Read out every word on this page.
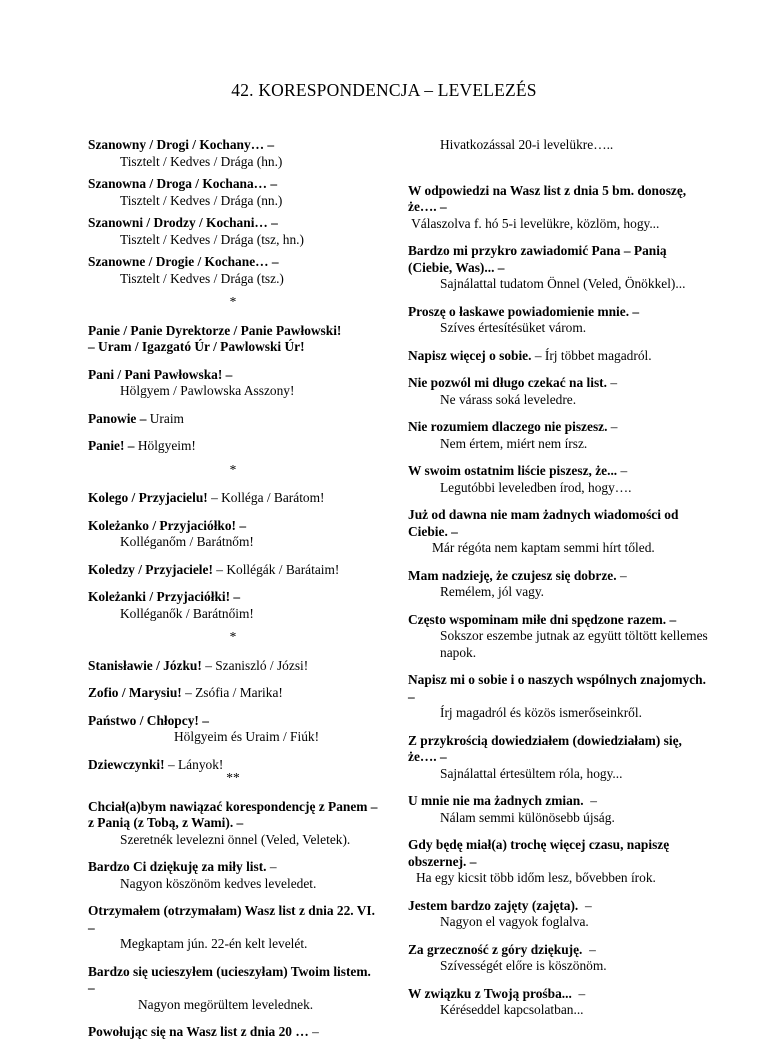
42. KORESPONDENCJA – LEVELEZÉS
Szanowny / Drogi / Kochany… –
Tisztelt / Kedves / Drága (hn.)
Szanowna / Droga / Kochana… –
Tisztelt / Kedves / Drága (nn.)
Szanowni / Drodzy / Kochani… –
Tisztelt / Kedves / Drága (tsz, hn.)
Szanowne / Drogie / Kochane… –
Tisztelt / Kedves / Drága (tsz.)
*
Panie / Panie Dyrektorze / Panie Pawłowski!
– Uram / Igazgató Úr / Pawlowski Úr!
Pani / Pani Pawłowska! –
Hölgyem / Pawlowska Asszony!
Panowie – Uraim
Panie! – Hölgyeim!
*
Kolego / Przyjacielu! – Kolléga / Barátom!
Koleżanko / Przyjaciółko! –
Kolléganőm / Barátnőm!
Koledzy / Przyjaciele! – Kollégák / Barátaim!
Koleżanki / Przyjaciółki! –
Kolléganők / Barátnőim!
*
Stanisławie / Józku! – Szaniszló / Józsi!
Zofio / Marysiu! – Zsófia / Marika!
Państwo / Chłopcy! –
Hölgyeim és Uraim / Fiúk!
Dziewczynki! – Lányok!
**
Chciał(a)bym nawiązać korespondencję z Panem – z Panią (z Tobą, z Wami). –
Szeretnék levelezni önnel (Veled, Veletek).
Bardzo Ci dziękuję za miły list. –
Nagyon köszönöm kedves leveledet.
Otrzymałem (otrzymałam) Wasz list z dnia 22. VI. –
Megkaptam jún. 22-én kelt levelét.
Bardzo się ucieszyłem (ucieszyłam) Twoim listem. –
Nagyon megörültem levelednek.
Powołując się na Wasz list z dnia 20 … –
Hivatkozással 20-i levelükre…..
W odpowiedzi na Wasz list z dnia 5 bm. donoszę, że…. –
Válaszolva f. hó 5-i levelükre, közlöm, hogy...
Bardzo mi przykro zawiadomić Pana – Panią (Ciebie, Was)... –
Sajnálattal tudatom Önnel (Veled, Önökkel)...
Proszę o łaskawe powiadomienie mnie. –
Szíves értesítésüket várom.
Napisz więcej o sobie. – Írj többet magadról.
Nie pozwól mi długo czekać na list. –
Ne várass soká leveledre.
Nie rozumiem dlaczego nie piszesz. –
Nem értem, miért nem írsz.
W swoim ostatnim liście piszesz, że... –
Legutóbbi leveledben írod, hogy….
Już od dawna nie mam żadnych wiadomości od Ciebie. –
Már régóta nem kaptam semmi hírt tőled.
Mam nadzieję, że czujesz się dobrze. –
Remélem, jól vagy.
Często wspominam miłe dni spędzone razem. –
Sokszor eszembe jutnak az együtt töltött kellemes napok.
Napisz mi o sobie i o naszych wspólnych znajomych. –
Írj magadról és közös ismerőseinkről.
Z przykrością dowiedziałem (dowiedziałam) się, że…. –
Sajnálattal értesültem róla, hogy...
U mnie nie ma żadnych zmian.  –
Nálam semmi különösebb újság.
Gdy będę miał(a) trochę więcej czasu, napiszę obszernej. –
Ha egy kicsit több időm lesz, bővebben írok.
Jestem bardzo zajęty (zajęta).  –
Nagyon el vagyok foglalva.
Za grzeczność z góry dziękuję.  –
Szívességét előre is köszönöm.
W związku z Twoją prośba...  –
Kéréseddel kapcsolatban...
